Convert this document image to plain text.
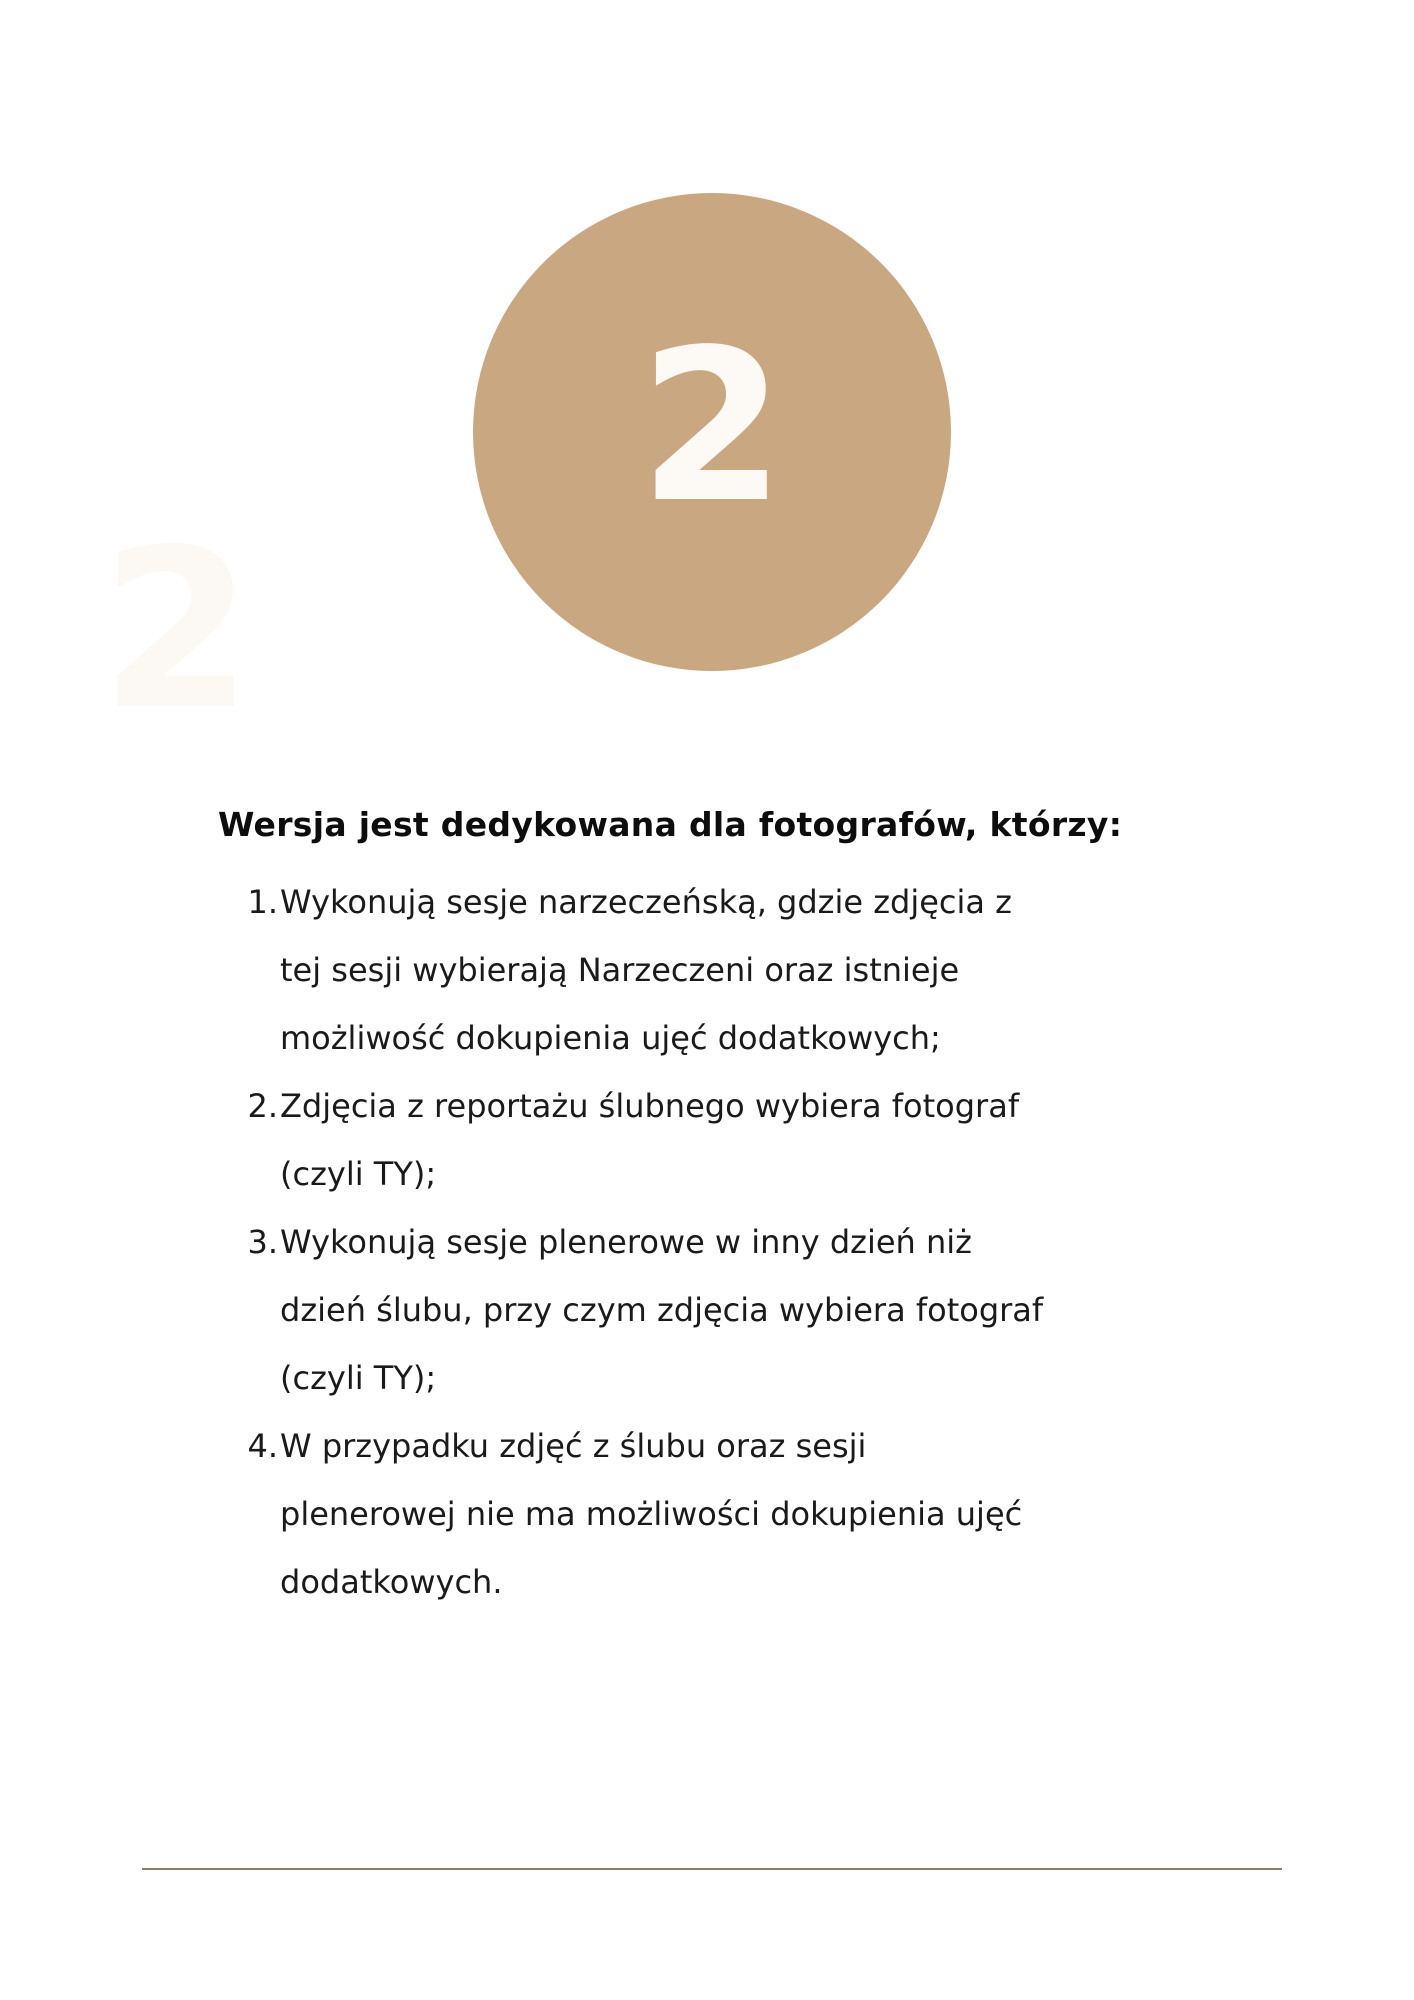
2
2
Wersja jest dedykowana dla fotografów, którzy:
1. Wykonują sesje narzeczeńską, gdzie zdjęcia z
tej sesji wybierają Narzeczeni oraz istnieje
możliwość dokupienia ujęć dodatkowych;
2. Zdjęcia z reportażu ślubnego wybiera fotograf
(czyli TY);
3. Wykonują sesje plenerowe w inny dzień niż
dzień ślubu, przy czym zdjęcia wybiera fotograf
(czyli TY);
4. W przypadku zdjęć z ślubu oraz sesji
plenerowej nie ma możliwości dokupienia ujęć
dodatkowych.
